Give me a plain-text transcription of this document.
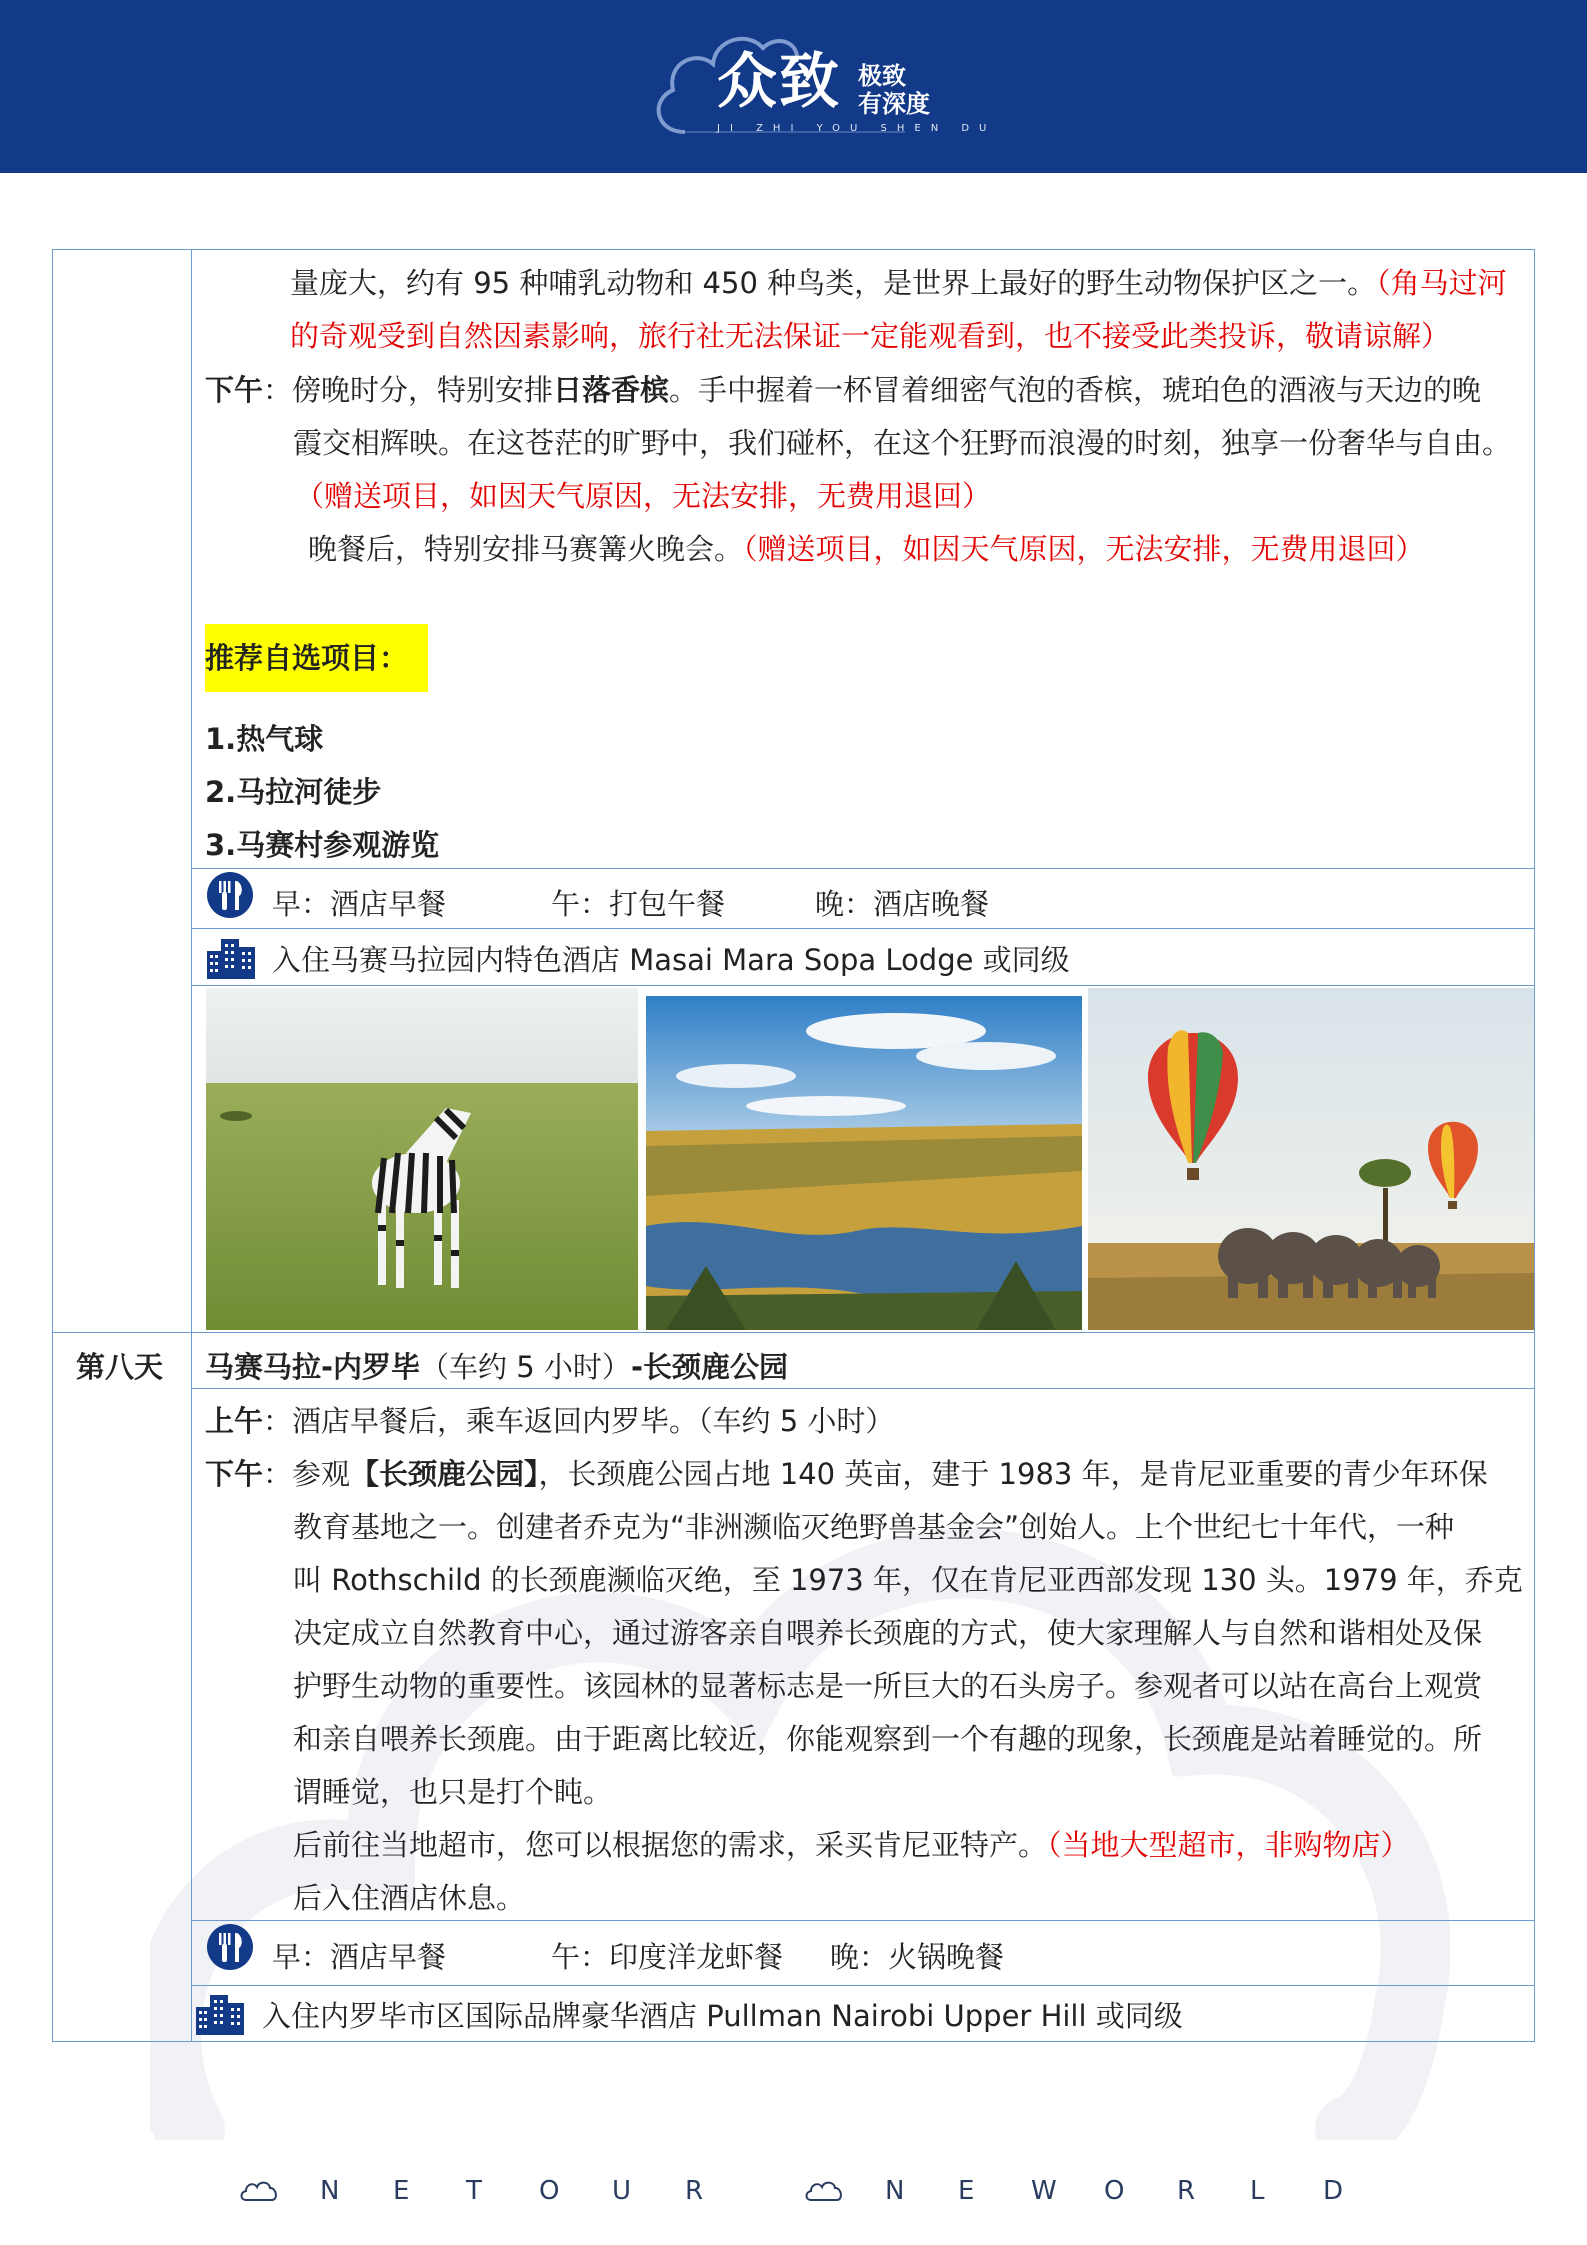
众致 极致
有深度
JI ZHI YOU SHEN DU
量庞大，约有 95 种哺乳动物和 450 种鸟类，是世界上最好的野生动物保护区之一。（角马过河
的奇观受到自然因素影响，旅行社无法保证一定能观看到，也不接受此类投诉，敬请谅解）
下午：傍晚时分，特别安排日落香槟。手中握着一杯冒着细密气泡的香槟，琥珀色的酒液与天边的晚
霞交相辉映。在这苍茫的旷野中，我们碰杯，在这个狂野而浪漫的时刻，独享一份奢华与自由。
（赠送项目，如因天气原因，无法安排，无费用退回）
晚餐后，特别安排马赛篝火晚会。（赠送项目，如因天气原因，无法安排，无费用退回）
推荐自选项目：
1.热气球
2.马拉河徒步
3.马赛村参观游览
早：酒店早餐	午：打包午餐	晚：酒店晚餐
入住马赛马拉园内特色酒店 Masai Mara Sopa Lodge 或同级
第八天 马赛马拉-内罗毕（车约 5 小时）-长颈鹿公园
上午：酒店早餐后，乘车返回内罗毕。（车约 5 小时）
下午：参观【长颈鹿公园】，长颈鹿公园占地 140 英亩，建于 1983 年，是肯尼亚重要的青少年环保
教育基地之一。创建者乔克为“非洲濒临灭绝野兽基金会”创始人。上个世纪七十年代，一种
叫 Rothschild 的长颈鹿濒临灭绝，至 1973 年，仅在肯尼亚西部发现 130 头。1979 年，乔克
决定成立自然教育中心，通过游客亲自喂养长颈鹿的方式，使大家理解人与自然和谐相处及保
护野生动物的重要性。该园林的显著标志是一所巨大的石头房子。参观者可以站在高台上观赏
和亲自喂养长颈鹿。由于距离比较近，你能观察到一个有趣的现象，长颈鹿是站着睡觉的。所
谓睡觉，也只是打个盹。
后前往当地超市，您可以根据您的需求，采买肯尼亚特产。（当地大型超市，非购物店）
后入住酒店休息。
早：酒店早餐	午：印度洋龙虾餐 晚：火锅晚餐
入住内罗毕市区国际品牌豪华酒店 Pullman Nairobi Upper Hill 或同级
N E T O U R	N E W O R L D
